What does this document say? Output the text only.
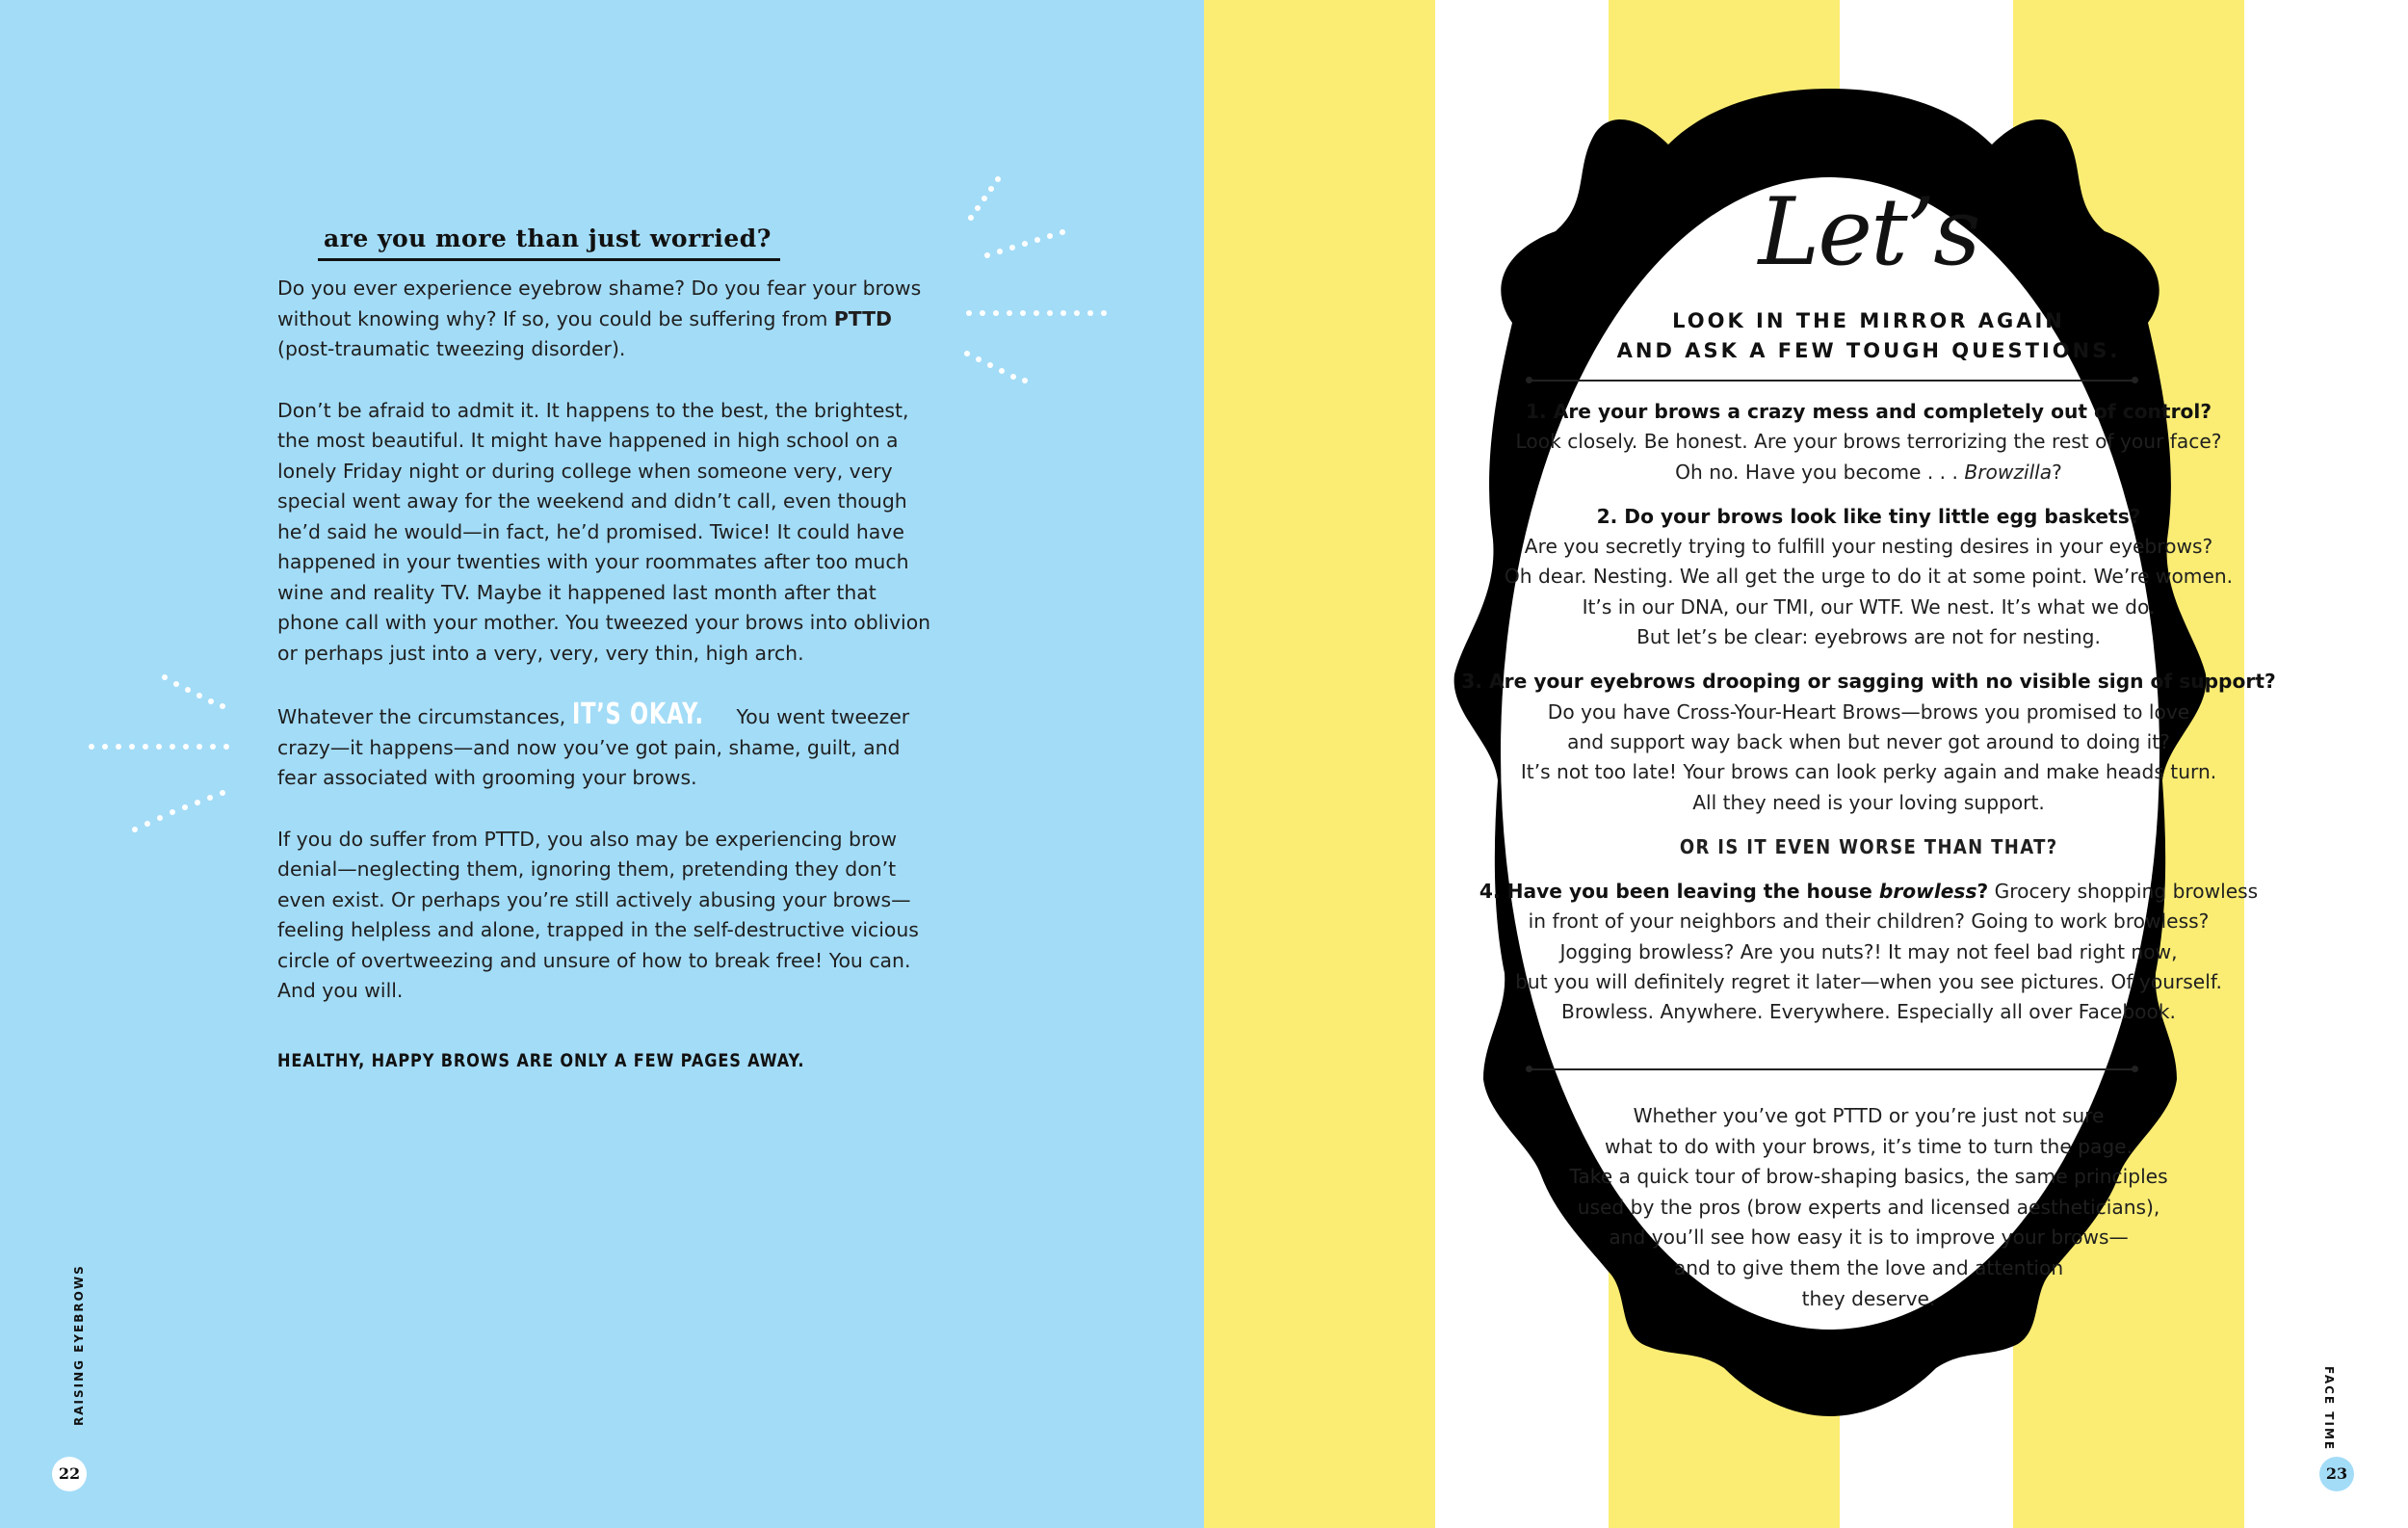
are you more than just worried?

Do you ever experience eyebrow shame? Do you fear your brows without knowing why? If so, you could be suffering from PTTD (post-traumatic tweezing disorder).

Don’t be afraid to admit it. It happens to the best, the brightest, the most beautiful. It might have happened in high school on a lonely Friday night or during college when someone very, very special went away for the weekend and didn’t call, even though he’d said he would—in fact, he’d promised. Twice! It could have happened in your twenties with your roommates after too much wine and reality TV. Maybe it happened last month after that phone call with your mother. You tweezed your brows into oblivion or perhaps just into a very, very, very thin, high arch.

Whatever the circumstances, IT’S OKAY. You went tweezer crazy—it happens—and now you’ve got pain, shame, guilt, and fear associated with grooming your brows.

If you do suffer from PTTD, you also may be experiencing brow denial—neglecting them, ignoring them, pretending they don’t even exist. Or perhaps you’re still actively abusing your brows—feeling helpless and alone, trapped in the self-destructive vicious circle of overtweezing and unsure of how to break free! You can. And you will.

HEALTHY, HAPPY BROWS ARE ONLY A FEW PAGES AWAY.
RAISING EYEBROWS
22
Let’s
LOOK IN THE MIRROR AGAIN
AND ASK A FEW TOUGH QUESTIONS.
1. Are your brows a crazy mess and completely out of control?
Look closely. Be honest. Are your brows terrorizing the rest of your face?
Oh no. Have you become . . . Browzilla?
2. Do your brows look like tiny little egg baskets?
Are you secretly trying to fulfill your nesting desires in your eyebrows?
Oh dear. Nesting. We all get the urge to do it at some point. We’re women.
It’s in our DNA, our TMI, our WTF. We nest. It’s what we do.
But let’s be clear: eyebrows are not for nesting.
3. Are your eyebrows drooping or sagging with no visible sign of support?
Do you have Cross-Your-Heart Brows—brows you promised to love
and support way back when but never got around to doing it?
It’s not too late! Your brows can look perky again and make heads turn.
All they need is your loving support.
OR IS IT EVEN WORSE THAN THAT?
4. Have you been leaving the house browless? Grocery shopping browless
in front of your neighbors and their children? Going to work browless?
Jogging browless? Are you nuts?! It may not feel bad right now,
but you will definitely regret it later—when you see pictures. Of yourself.
Browless. Anywhere. Everywhere. Especially all over Facebook.
Whether you’ve got PTTD or you’re just not sure
what to do with your brows, it’s time to turn the page.
Take a quick tour of brow-shaping basics, the same principles
used by the pros (brow experts and licensed aestheticians),
and you’ll see how easy it is to improve your brows—
and to give them the love and attention
they deserve.
FACE TIME
23
